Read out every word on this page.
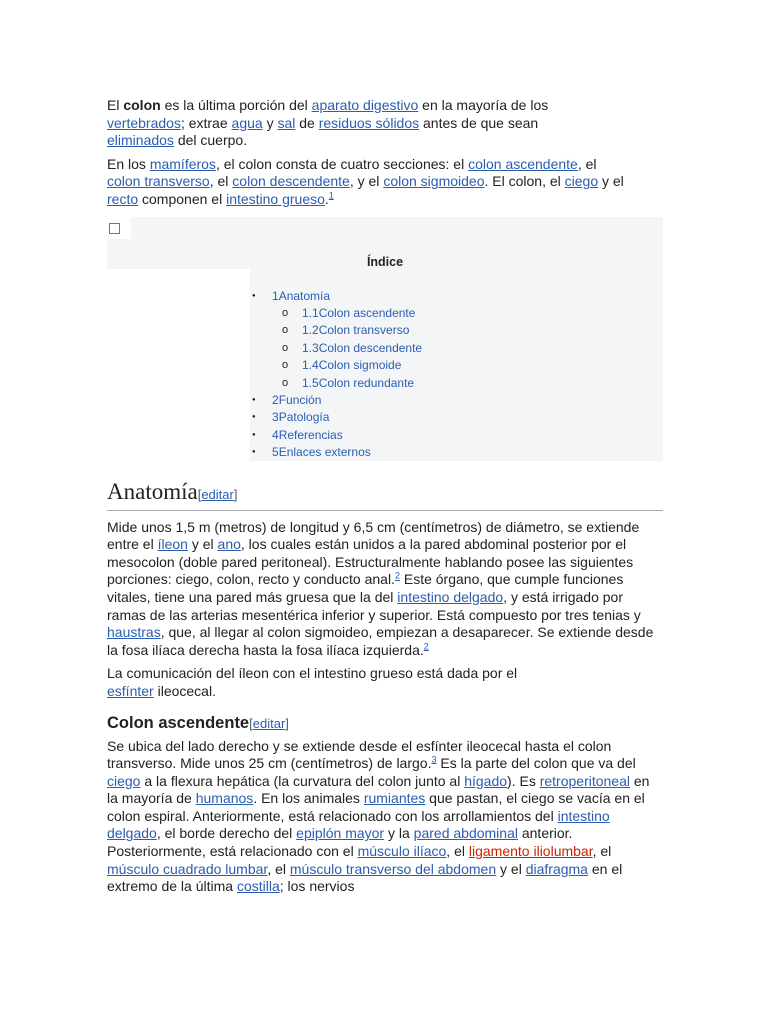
El colon es la última porción del aparato digestivo en la mayoría de los vertebrados; extrae agua y sal de residuos sólidos antes de que sean eliminados del cuerpo.

En los mamíferos, el colon consta de cuatro secciones: el colon ascendente, el colon transverso, el colon descendente, y el colon sigmoideo. El colon, el ciego y el recto componen el intestino grueso.$^1$

Índice
● 1Anatomía
o 1.1Colon ascendente
o 1.2Colon transverso
o 1.3Colon descendente
o 1.4Colon sigmoide
o 1.5Colon redundante
● 2Función
● 3Patología
● 4Referencias
● 5Enlaces externos
Anatomía[editar]

Mide unos 1,5 m (metros) de longitud y 6,5 cm (centímetros) de diámetro, se extiende entre el íleon y el ano, los cuales están unidos a la pared abdominal posterior por el mesocolon (doble pared peritoneal). Estructuralmente hablando posee las siguientes porciones: ciego, colon, recto y conducto anal.$^2$ Este órgano, que cumple funciones vitales, tiene una pared más gruesa que la del intestino delgado, y está irrigado por ramas de las arterias mesentérica inferior y superior. Está compuesto por tres tenias y haustras, que, al llegar al colon sigmoideo, empiezan a desaparecer. Se extiende desde la fosa ilíaca derecha hasta la fosa ilíaca izquierda.$^2$

La comunicación del íleon con el intestino grueso está dada por el esfínter ileocecal.

Colon ascendente[editar]

Se ubica del lado derecho y se extiende desde el esfínter ileocecal hasta el colon transverso. Mide unos 25 cm (centímetros) de largo.$^3$ Es la parte del colon que va del ciego a la flexura hepática (la curvatura del colon junto al hígado). Es retroperitoneal en la mayoría de humanos. En los animales rumiantes que pastan, el ciego se vacía en el colon espiral. Anteriormente, está relacionado con los arrollamientos del intestino delgado, el borde derecho del epiplón mayor y la pared abdominal anterior. Posteriormente, está relacionado con el músculo ilíaco, el ligamento iliolumbar, el músculo cuadrado lumbar, el músculo transverso del abdomen y el diafragma en el extremo de la última costilla; los nervios
